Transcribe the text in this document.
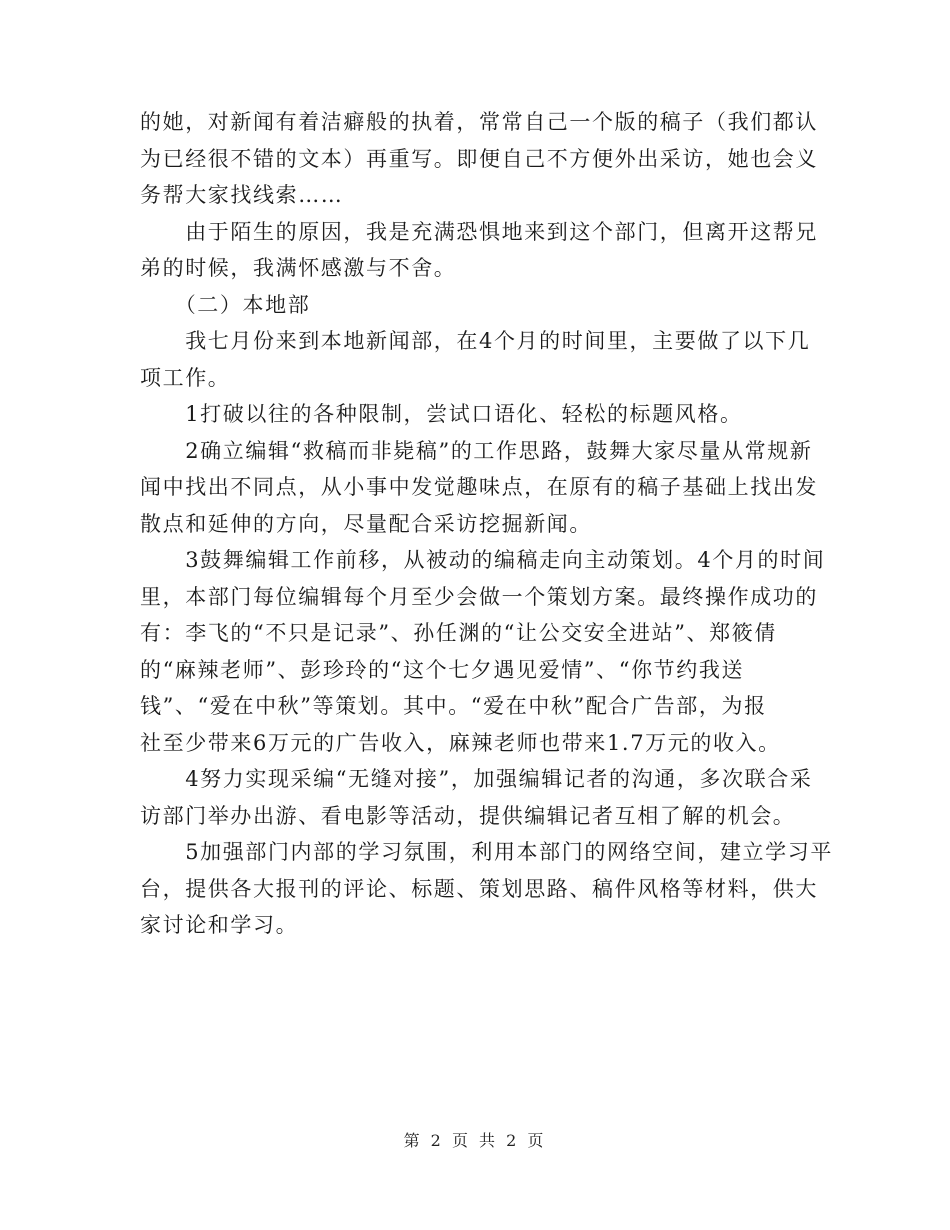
的她，对新闻有着洁癖般的执着，常常自己一个版的稿子（我们都认
为已经很不错的文本）再重写。即便自己不方便外出采访，她也会义
务帮大家找线索……
　　由于陌生的原因，我是充满恐惧地来到这个部门，但离开这帮兄
弟的时候，我满怀感激与不舍。
　　（二）本地部
　　我七月份来到本地新闻部，在4个月的时间里，主要做了以下几
项工作。
　　1打破以往的各种限制，尝试口语化、轻松的标题风格。
　　2确立编辑“救稿而非毙稿”的工作思路，鼓舞大家尽量从常规新
闻中找出不同点，从小事中发觉趣味点，在原有的稿子基础上找出发
散点和延伸的方向，尽量配合采访挖掘新闻。
　　3鼓舞编辑工作前移，从被动的编稿走向主动策划。4个月的时间
里，本部门每位编辑每个月至少会做一个策划方案。最终操作成功的
有：李飞的“不只是记录”、孙任渊的“让公交安全进站”、郑筱倩
的“麻辣老师”、彭珍玲的“这个七夕遇见爱情”、“你节约我送
钱”、“爱在中秋”等策划。其中。“爱在中秋”配合广告部，为报
社至少带来6万元的广告收入，麻辣老师也带来1.7万元的收入。
　　4努力实现采编“无缝对接”，加强编辑记者的沟通，多次联合采
访部门举办出游、看电影等活动，提供编辑记者互相了解的机会。
　　5加强部门内部的学习氛围，利用本部门的网络空间，建立学习平
台，提供各大报刊的评论、标题、策划思路、稿件风格等材料，供大
家讨论和学习。
第 2 页 共 2 页
